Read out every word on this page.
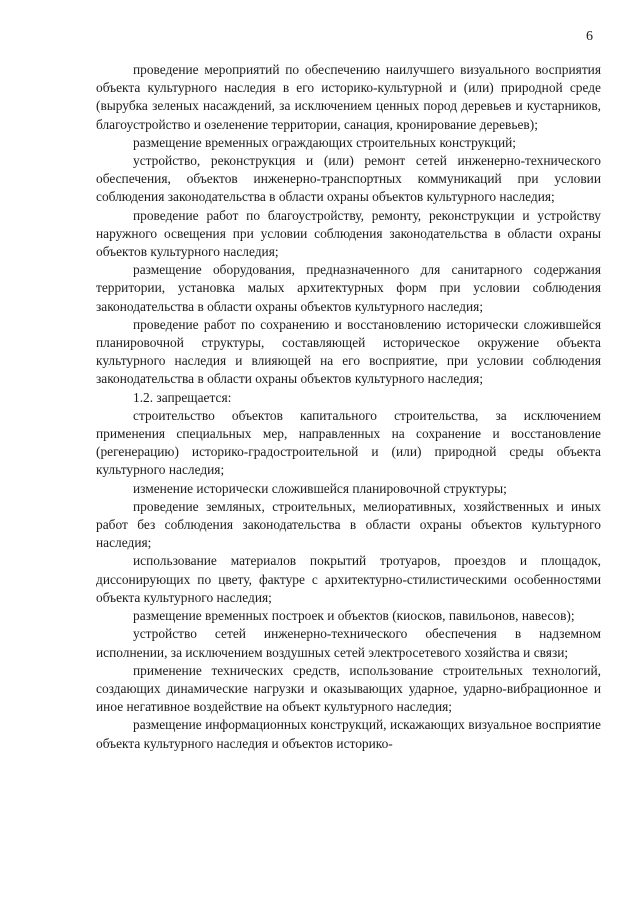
6

проведение мероприятий по обеспечению наилучшего визуального восприятия объекта культурного наследия в его историко-культурной и (или) природной среде (вырубка зеленых насаждений, за исключением ценных пород деревьев и кустарников, благоустройство и озеленение территории, санация, кронирование деревьев);

размещение временных ограждающих строительных конструкций;

устройство, реконструкция и (или) ремонт сетей инженерно-технического обеспечения, объектов инженерно-транспортных коммуникаций при условии соблюдения законодательства в области охраны объектов культурного наследия;

проведение работ по благоустройству, ремонту, реконструкции и устройству наружного освещения при условии соблюдения законодательства в области охраны объектов культурного наследия;

размещение оборудования, предназначенного для санитарного содержания территории, установка малых архитектурных форм при условии соблюдения законодательства в области охраны объектов культурного наследия;

проведение работ по сохранению и восстановлению исторически сложившейся планировочной структуры, составляющей историческое окружение объекта культурного наследия и влияющей на его восприятие, при условии соблюдения законодательства в области охраны объектов культурного наследия;

1.2. запрещается:

строительство объектов капитального строительства, за исключением применения специальных мер, направленных на сохранение и восстановление (регенерацию) историко-градостроительной и (или) природной среды объекта культурного наследия;

изменение исторически сложившейся планировочной структуры;

проведение земляных, строительных, мелиоративных, хозяйственных и иных работ без соблюдения законодательства в области охраны объектов культурного наследия;

использование материалов покрытий тротуаров, проездов и площадок, диссонирующих по цвету, фактуре с архитектурно-стилистическими особенностями объекта культурного наследия;

размещение временных построек и объектов (киосков, павильонов, навесов);

устройство сетей инженерно-технического обеспечения в надземном исполнении, за исключением воздушных сетей электросетевого хозяйства и связи;

применение технических средств, использование строительных технологий, создающих динамические нагрузки и оказывающих ударное, ударно-вибрационное и иное негативное воздействие на объект культурного наследия;

размещение информационных конструкций, искажающих визуальное восприятие объекта культурного наследия и объектов историко-
